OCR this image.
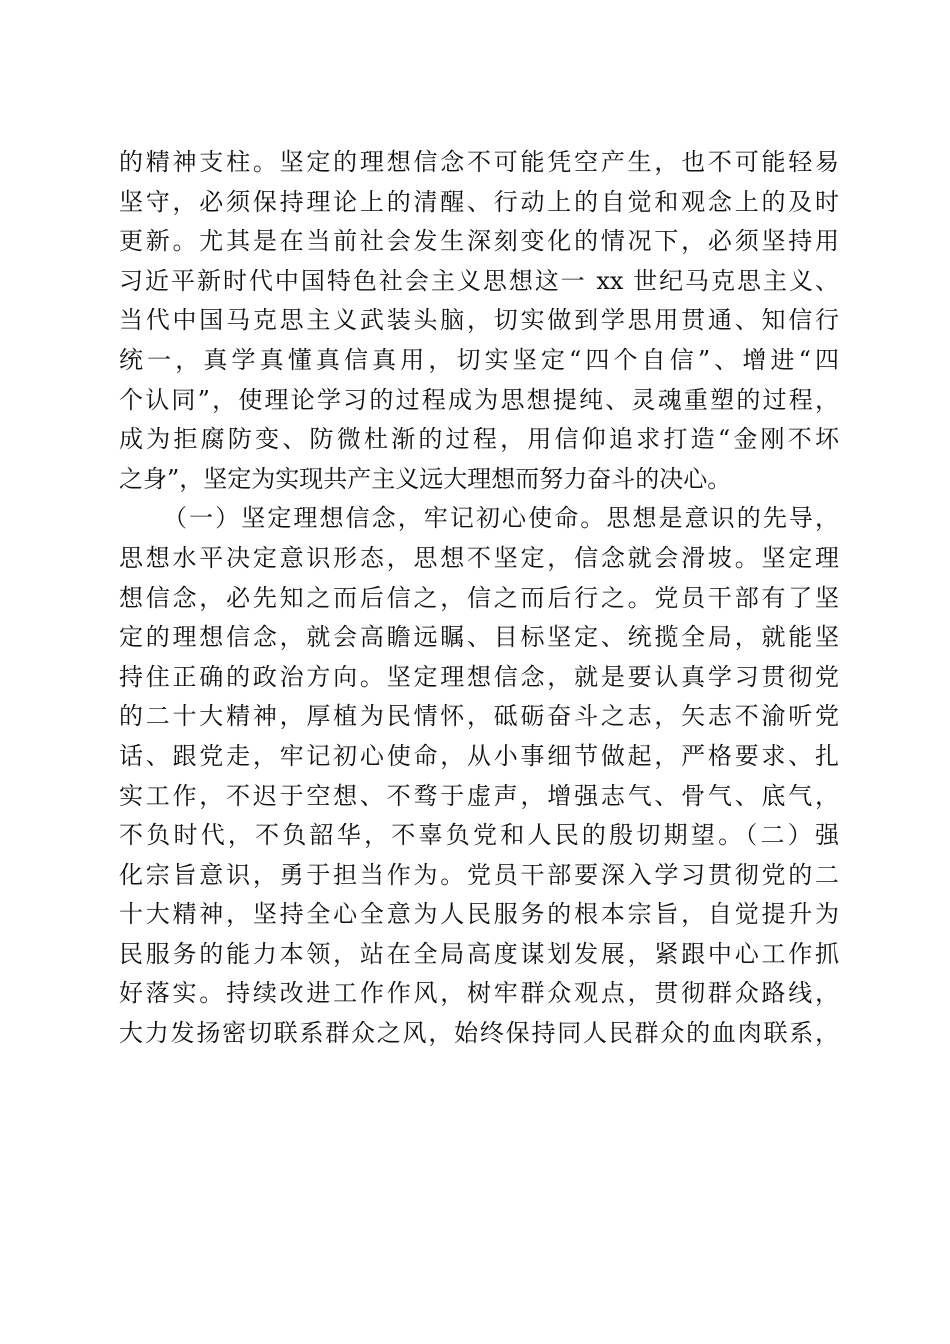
的精神支柱。坚定的理想信念不可能凭空产生，也不可能轻易
坚守，必须保持理论上的清醒、行动上的自觉和观念上的及时
更新。尤其是在当前社会发生深刻变化的情况下，必须坚持用
习近平新时代中国特色社会主义思想这一 xx 世纪马克思主义、
当代中国马克思主义武装头脑，切实做到学思用贯通、知信行
统一，真学真懂真信真用，切实坚定“四个自信”、增进“四
个认同”，使理论学习的过程成为思想提纯、灵魂重塑的过程，
成为拒腐防变、防微杜渐的过程，用信仰追求打造“金刚不坏
之身”，坚定为实现共产主义远大理想而努力奋斗的决心。
（一）坚定理想信念，牢记初心使命。思想是意识的先导，
思想水平决定意识形态，思想不坚定，信念就会滑坡。坚定理
想信念，必先知之而后信之，信之而后行之。党员干部有了坚
定的理想信念，就会高瞻远瞩、目标坚定、统揽全局，就能坚
持住正确的政治方向。坚定理想信念，就是要认真学习贯彻党
的二十大精神，厚植为民情怀，砥砺奋斗之志，矢志不渝听党
话、跟党走，牢记初心使命，从小事细节做起，严格要求、扎
实工作，不迟于空想、不骛于虚声，增强志气、骨气、底气，
不负时代，不负韶华，不辜负党和人民的殷切期望。（二）强
化宗旨意识，勇于担当作为。党员干部要深入学习贯彻党的二
十大精神，坚持全心全意为人民服务的根本宗旨，自觉提升为
民服务的能力本领，站在全局高度谋划发展，紧跟中心工作抓
好落实。持续改进工作作风，树牢群众观点，贯彻群众路线，
大力发扬密切联系群众之风，始终保持同人民群众的血肉联系，
